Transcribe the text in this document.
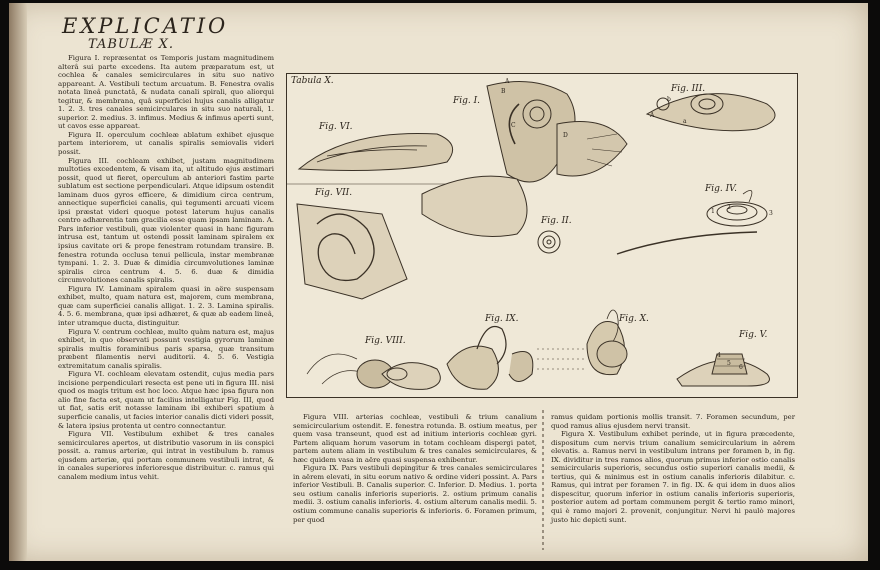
EXPLICATIO
TABULÆ X.

Figura I. repræsentat os Temporis justam magnitudinem alterâ sui parte excedens. Ita autem præparatum est, ut cochlea & canales semicirculares in situ suo nativo appareant. A. Vestibuli tectum arcuatum. B. Fenestra ovalis notata lineâ punctatâ, & nudata canali spirali, quo aliorqui tegitur, & membrana, quâ superficiei hujus canalis alligatur 1. 2. 3. tres canales semicirculares in situ suo naturali, 1. superior. 2. medius. 3. infimus. Medius & infimus aperti sunt, ut cavos esse appareat.

Figura II. operculum cochleæ ablatum exhibet ejusque partem interiorem, ut canalis spiralis semiovalis videri possit.

Figura III. cochleam exhibet, justam magnitudinem multoties excedentem, & visam ita, ut altitudo ejus æstimari possit, quod ut fieret, operculum ab anteriori fastim parte sublatum est sectione perpendiculari. Atque idipsum ostendit laminam duos gyros efficere, & dimidium circa centrum, annectique superficiei canalis, qui tegumenti arcuati vicem ipsi præstat videri quoque potest laterum hujus canalis centro adhærentia tam gracilia esse quam ipsam laminam. A. Pars inferior vestibuli, quæ violenter quasi in hanc figuram intrusa est, tantum ut ostendi possit laminam spiralem ex ipsius cavitate ori & prope fenestram rotundam transire. B. fenestra rotunda occlusa tenui pellicula, instar membranæ tympani. 1. 2. 3. Duæ & dimidia circumvolutiones laminæ spiralis circa centrum 4. 5. 6. duæ & dimidia circumvolutiones canalis spiralis.

Figura IV. Laminam spiralem quasi in aëre suspensam exhibet, multo, quam natura est, majorem, cum membrana, quæ cam superficiei canalis alligat. 1. 2. 3. Lamina spiralis. 4. 5. 6. membrana, quæ ipsi adhæret, & quæ ab eadem lineâ, inter utramque ducta, distinguitur.

Figura V. centrum cochleæ, multo quàm natura est, majus exhibet, in quo observati possunt vestigia gyrorum laminæ spiralis multis foraminibus paris sparsa, quæ transitum præbent filamentis nervi auditorii. 4. 5. 6. Vestigia extremitatum canalis spiralis.

Figura VI. cochleam elevatam ostendit, cujus media pars incisione perpendiculari resecta est pene uti in figura III. nisi quod os magis tritum est hoc loco. Atque hæc ipsa figura non alio fine facta est, quam ut facilius intelligatur Fig. III, quod ut fiat, satis erit notasse laminam ibi exhiberi spatium à superficie canalis, ut facies interior canalis dicti videri possit, & latera ipsius protenta ut centro connectantur.

Figura VII. Vestibulum exhibet & tres canales semicirculares apertos, ut distributio vasorum in iis conspici possit. a. ramus arteriæ, qui intrat in vestibulum b. ramus ejusdem arteriæ, qui portam communem vestibuli intrat, & in canales superiores inferioresque distribuitur. c. ramus qui canalem medium intus vehit.

Tabula X.
Fig. I.
Fig. II.
Fig. III.
Fig. IV.
Fig. V.
Fig. VI.
Fig. VII.
Fig. VIII.
Fig. IX.	Fig. X.
A
B
C
D
A
a
b
1
2
3
4
5
6

Figura VIII. arterias cochleæ, vestibuli & trium canalium semicircularium ostendit. E. fenestra rotunda. B. ostium meatus, per quem vasa transeunt, quod est ad initium interioris cochleæ gyri. Partem aliquam horum vasorum in totam cochleam dispergi patet, partem autem aliam in vestibulum & tres canales semicirculares, & hæc quidem vasa in aëre quasi suspensa exhibentur.

Figura IX. Pars vestibuli depingitur & tres canales semicirculares in aërem elevati, in situ eorum nativo & ordine videri possint. A. Pars inferior Vestibuli. B. Canalis superior. C. Inferior. D. Medius. 1. porta seu ostium canalis inferioris superioris. 2. ostium primum canalis medii. 3. ostium canalis inferioris. 4. ostium alterum canalis medii. 5. ostium commune canalis superioris & inferioris. 6. Foramen primum, per quod

ramus quidam portionis mollis transit. 7. Foramen secundum, per quod ramus alius ejusdem nervi transit.

Figura X. Vestibulum exhibet perinde, ut in figura præcedente, dispositum cum nervis trium canalium semicircularium in aërem elevatis. a. Ramus nervi in vestibulum intrans per foramen b, in fig. IX. dividitur in tres ramos alios, quorum primus inferior ostio canalis semicircularis superioris, secundus ostio superiori canalis medii, & tertius, qui & minimus est in ostium canalis inferioris dilabitur. c. Ramus, qui intrat per foramen 7. in fig. IX. & qui idem in duos alios dispescitur, quorum inferior in ostium canalis inferioris superioris, posterior autem ad portam communem pergit & tertio ramo minori, qui è ramo majori 2. provenit, conjungitur. Nervi hi paulò majores justo hic depicti sunt.
